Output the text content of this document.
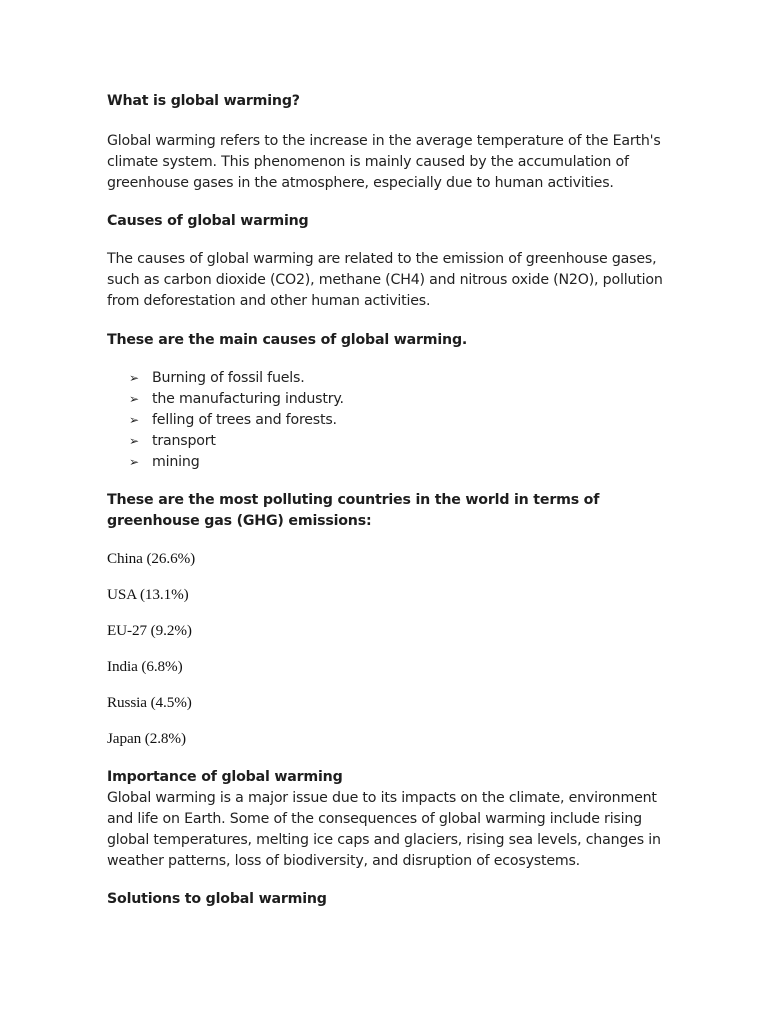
What is global warming?

Global warming refers to the increase in the average temperature of the Earth's climate system. This phenomenon is mainly caused by the accumulation of greenhouse gases in the atmosphere, especially due to human activities.

Causes of global warming

The causes of global warming are related to the emission of greenhouse gases, such as carbon dioxide (CO2), methane (CH4) and nitrous oxide (N2O), pollution from deforestation and other human activities.

These are the main causes of global warming.
➢ Burning of fossil fuels.
➢ the manufacturing industry.
➢ felling of trees and forests.
➢ transport
➢ mining
These are the most polluting countries in the world in terms of greenhouse gas (GHG) emissions:
China (26.6%)
USA (13.1%)
EU-27 (9.2%)
India (6.8%)
Russia (4.5%)
Japan (2.8%)
Importance of global warming

Global warming is a major issue due to its impacts on the climate, environment and life on Earth. Some of the consequences of global warming include rising global temperatures, melting ice caps and glaciers, rising sea levels, changes in weather patterns, loss of biodiversity, and disruption of ecosystems.

Solutions to global warming
